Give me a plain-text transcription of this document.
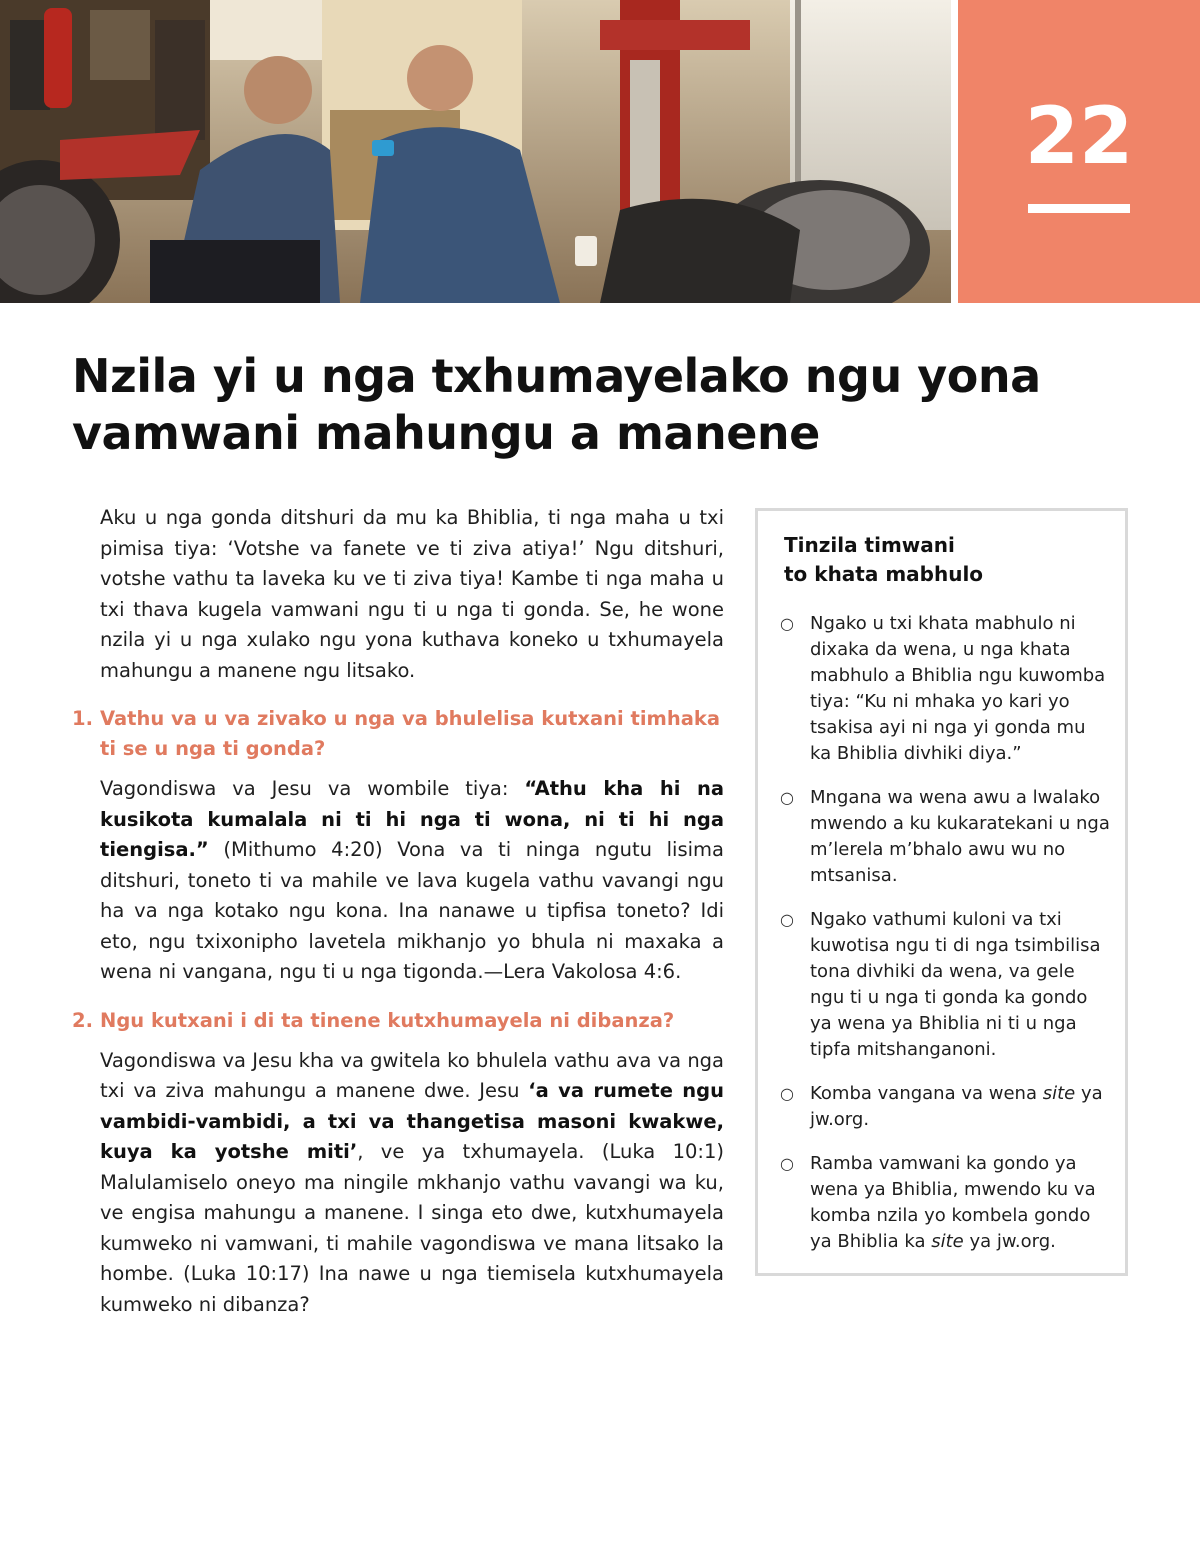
22
Nzila yi u nga txhumayelako ngu yona
vamwani mahungu a manene

Aku u nga gonda ditshuri da mu ka Bhiblia, ti nga maha u txi pimisa tiya: ‘Votshe va fanete ve ti ziva atiya!’ Ngu ditshuri, votshe vathu ta laveka ku ve ti ziva tiya! Kambe ti nga maha u txi thava kugela vamwani ngu ti u nga ti gonda. Se, he wone nzila yi u nga xulako ngu yona kuthava koneko u txhumayela mahungu a manene ngu litsako.

1. Vathu va u va zivako u nga va bhulelisa kutxani timhaka ti se u nga ti gonda?

Vagondiswa va Jesu va wombile tiya: “Athu kha hi na kusikota kumalala ni ti hi nga ti wona, ni ti hi nga tiengisa.” (Mithumo 4:20) Vona va ti ninga ngutu lisima ditshuri, toneto ti va mahile ve lava kugela vathu vavangi ngu ha va nga kotako ngu kona. Ina nanawe u tipfisa toneto? Idi eto, ngu txixonipho lavetela mikhanjo yo bhula ni maxaka a wena ni vangana, ngu ti u nga tigonda.—Lera Vakolosa 4:6.

2. Ngu kutxani i di ta tinene kutxhumayela ni dibanza?

Vagondiswa va Jesu kha va gwitela ko bhulela vathu ava va nga txi va ziva mahungu a manene dwe. Jesu ‘a va rumete ngu vambidi-vambidi, a txi va thangetisa masoni kwakwe, kuya ka yotshe miti’, ve ya txhumayela. (Luka 10:1) Malulamiselo oneyo ma ningile mkhanjo vathu vavangi wa ku, ve engisa mahungu a manene. I singa eto dwe, kutxhumayela kumweko ni vamwani, ti mahile vagondiswa ve mana litsako la hombe. (Luka 10:17) Ina nawe u nga tiemisela kutxhumayela kumweko ni dibanza?

Tinzila timwani
to khata mabhulo
○ Ngako u txi khata mabhulo ni dixaka da wena, u nga khata mabhulo a Bhiblia ngu kuwomba tiya: “Ku ni mhaka yo kari yo tsakisa ayi ni nga yi gonda mu ka Bhiblia divhiki diya.”
○ Mngana wa wena awu a lwalako mwendo a ku kukaratekani u nga m’lerela m’bhalo awu wu no mtsanisa.
○ Ngako vathumi kuloni va txi kuwotisa ngu ti di nga tsimbilisa tona divhiki da wena, va gele ngu ti u nga ti gonda ka gondo ya wena ya Bhiblia ni ti u nga tipfa mitshanganoni.
○ Komba vangana va wena site ya jw.org.
○ Ramba vamwani ka gondo ya wena ya Bhiblia, mwendo ku va komba nzila yo kombela gondo ya Bhiblia ka site ya jw.org.
